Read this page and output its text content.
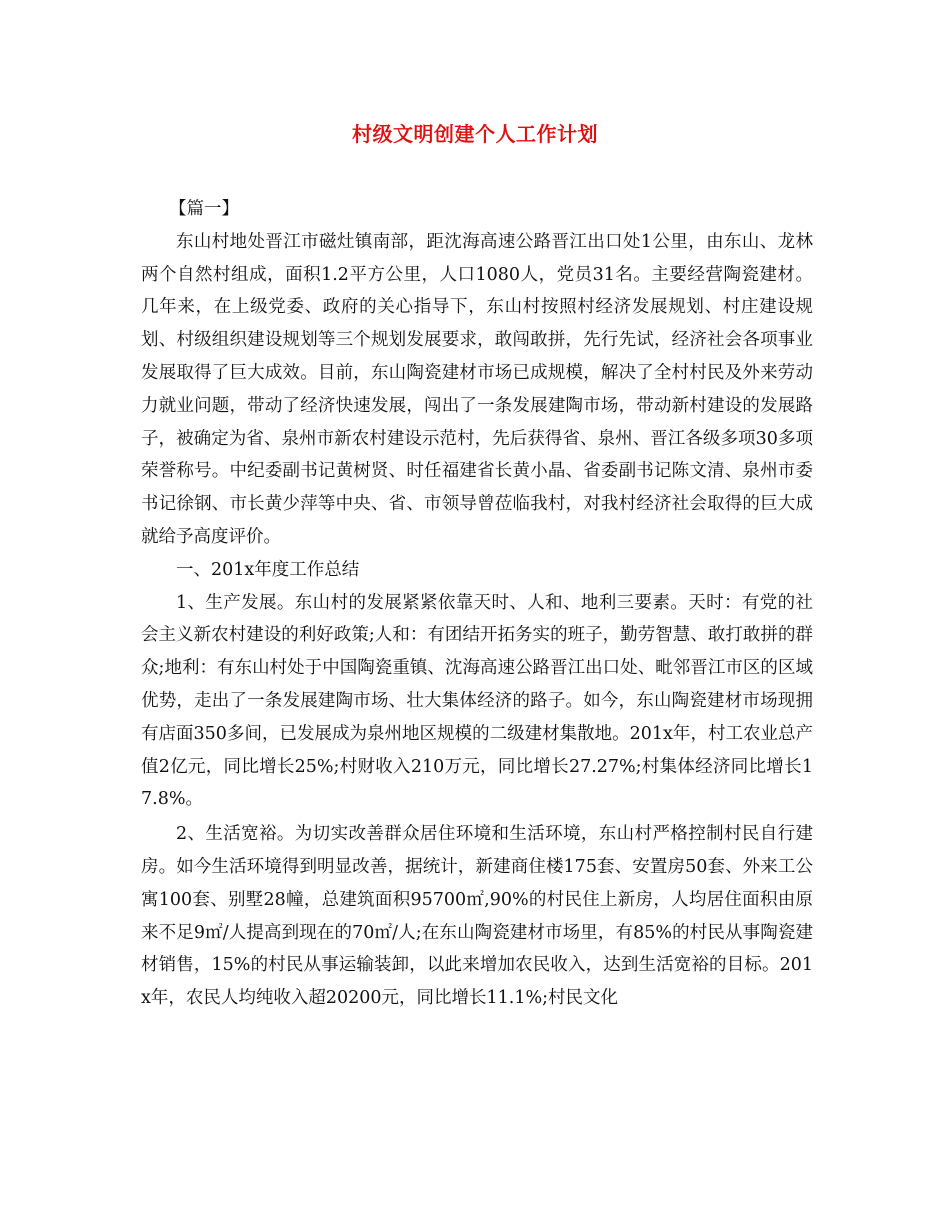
村级文明创建个人工作计划

【篇一】

东山村地处晋江市磁灶镇南部，距沈海高速公路晋江出口处1公里，由东山、龙林两个自然村组成，面积1.2平方公里，人口1080人，党员31名。主要经营陶瓷建材。几年来，在上级党委、政府的关心指导下，东山村按照村经济发展规划、村庄建设规划、村级组织建设规划等三个规划发展要求，敢闯敢拼，先行先试，经济社会各项事业发展取得了巨大成效。目前，东山陶瓷建材市场已成规模，解决了全村村民及外来劳动力就业问题，带动了经济快速发展，闯出了一条发展建陶市场，带动新村建设的发展路子，被确定为省、泉州市新农村建设示范村，先后获得省、泉州、晋江各级多项30多项荣誉称号。中纪委副书记黄树贤、时任福建省长黄小晶、省委副书记陈文清、泉州市委书记徐钢、市长黄少萍等中央、省、市领导曾莅临我村，对我村经济社会取得的巨大成就给予高度评价。

一、201x年度工作总结

1、生产发展。东山村的发展紧紧依靠天时、人和、地利三要素。天时：有党的社会主义新农村建设的利好政策;人和：有团结开拓务实的班子，勤劳智慧、敢打敢拼的群众;地利：有东山村处于中国陶瓷重镇、沈海高速公路晋江出口处、毗邻晋江市区的区域优势，走出了一条发展建陶市场、壮大集体经济的路子。如今，东山陶瓷建材市场现拥有店面350多间，已发展成为泉州地区规模的二级建材集散地。201x年，村工农业总产值2亿元，同比增长25%;村财收入210万元，同比增长27.27%;村集体经济同比增长17.8%。

2、生活宽裕。为切实改善群众居住环境和生活环境，东山村严格控制村民自行建房。如今生活环境得到明显改善，据统计，新建商住楼175套、安置房50套、外来工公寓100套、别墅28幢，总建筑面积95700㎡,90%的村民住上新房，人均居住面积由原来不足9㎡/人提高到现在的70㎡/人;在东山陶瓷建材市场里，有85%的村民从事陶瓷建材销售，15%的村民从事运输装卸，以此来增加农民收入，达到生活宽裕的目标。201x年，农民人均纯收入超20200元，同比增长11.1%;村民文化
